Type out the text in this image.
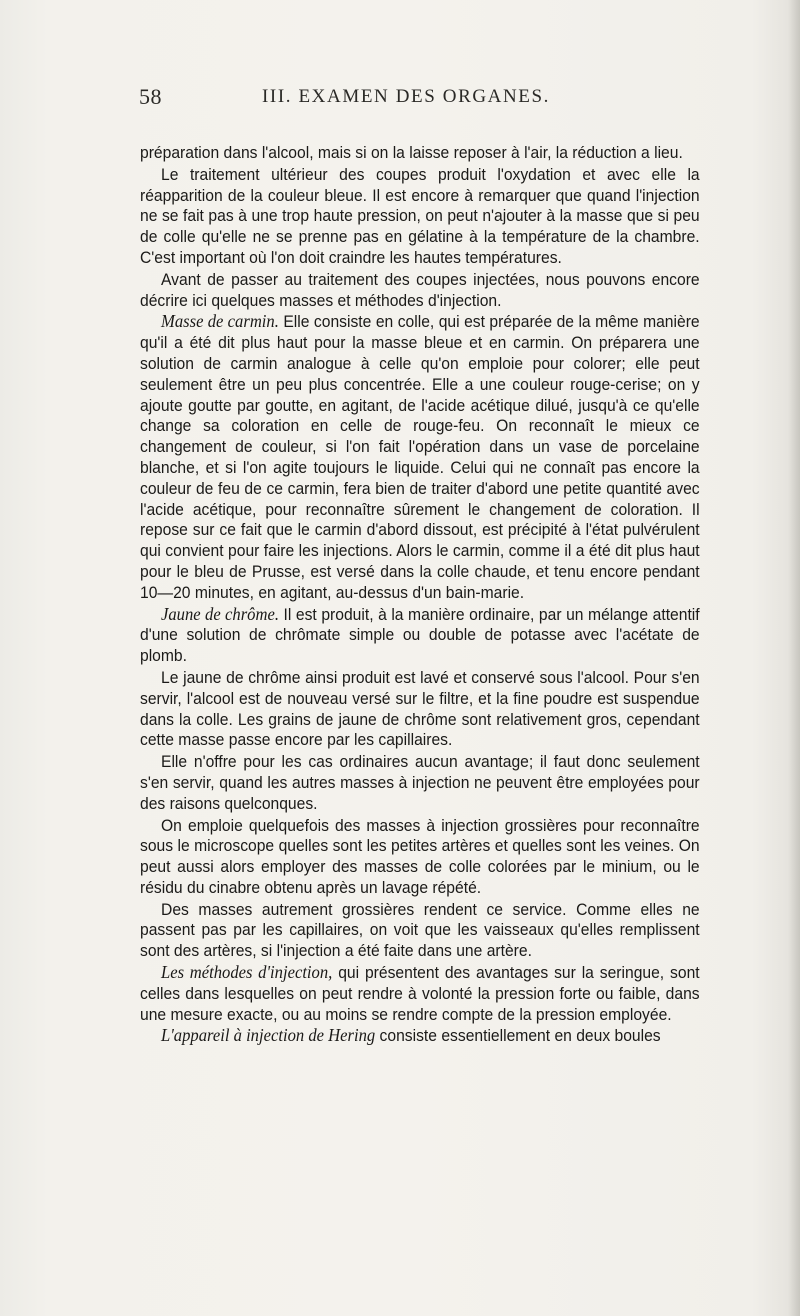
58	III. EXAMEN DES ORGANES.

préparation dans l'alcool, mais si on la laisse reposer à l'air, la réduction a lieu.

Le traitement ultérieur des coupes produit l'oxydation et avec elle la réapparition de la couleur bleue. Il est encore à remarquer que quand l'injection ne se fait pas à une trop haute pression, on peut n'ajouter à la masse que si peu de colle qu'elle ne se prenne pas en gélatine à la température de la chambre. C'est important où l'on doit craindre les hautes températures.

Avant de passer au traitement des coupes injectées, nous pouvons encore décrire ici quelques masses et méthodes d'injection.

Masse de carmin. Elle consiste en colle, qui est préparée de la même manière qu'il a été dit plus haut pour la masse bleue et en carmin. On préparera une solution de carmin analogue à celle qu'on emploie pour colorer; elle peut seulement être un peu plus concentrée. Elle a une couleur rouge-cerise; on y ajoute goutte par goutte, en agitant, de l'acide acétique dilué, jusqu'à ce qu'elle change sa coloration en celle de rouge-feu. On reconnaît le mieux ce changement de couleur, si l'on fait l'opération dans un vase de porcelaine blanche, et si l'on agite toujours le liquide. Celui qui ne connaît pas encore la couleur de feu de ce carmin, fera bien de traiter d'abord une petite quantité avec l'acide acétique, pour reconnaître sûrement le changement de coloration. Il repose sur ce fait que le carmin d'abord dissout, est précipité à l'état pulvérulent qui convient pour faire les injections. Alors le carmin, comme il a été dit plus haut pour le bleu de Prusse, est versé dans la colle chaude, et tenu encore pendant 10—20 minutes, en agitant, au-dessus d'un bain-marie.

Jaune de chrôme. Il est produit, à la manière ordinaire, par un mélange attentif d'une solution de chrômate simple ou double de potasse avec l'acétate de plomb.

Le jaune de chrôme ainsi produit est lavé et conservé sous l'alcool. Pour s'en servir, l'alcool est de nouveau versé sur le filtre, et la fine poudre est suspendue dans la colle. Les grains de jaune de chrôme sont relativement gros, cependant cette masse passe encore par les capillaires.

Elle n'offre pour les cas ordinaires aucun avantage; il faut donc seulement s'en servir, quand les autres masses à injection ne peuvent être employées pour des raisons quelconques.

On emploie quelquefois des masses à injection grossières pour reconnaître sous le microscope quelles sont les petites artères et quelles sont les veines. On peut aussi alors employer des masses de colle colorées par le minium, ou le résidu du cinabre obtenu après un lavage répété.

Des masses autrement grossières rendent ce service. Comme elles ne passent pas par les capillaires, on voit que les vaisseaux qu'elles remplissent sont des artères, si l'injection a été faite dans une artère.

Les méthodes d'injection, qui présentent des avantages sur la seringue, sont celles dans lesquelles on peut rendre à volonté la pression forte ou faible, dans une mesure exacte, ou au moins se rendre compte de la pression employée.

L'appareil à injection de Hering consiste essentiellement en deux boules
